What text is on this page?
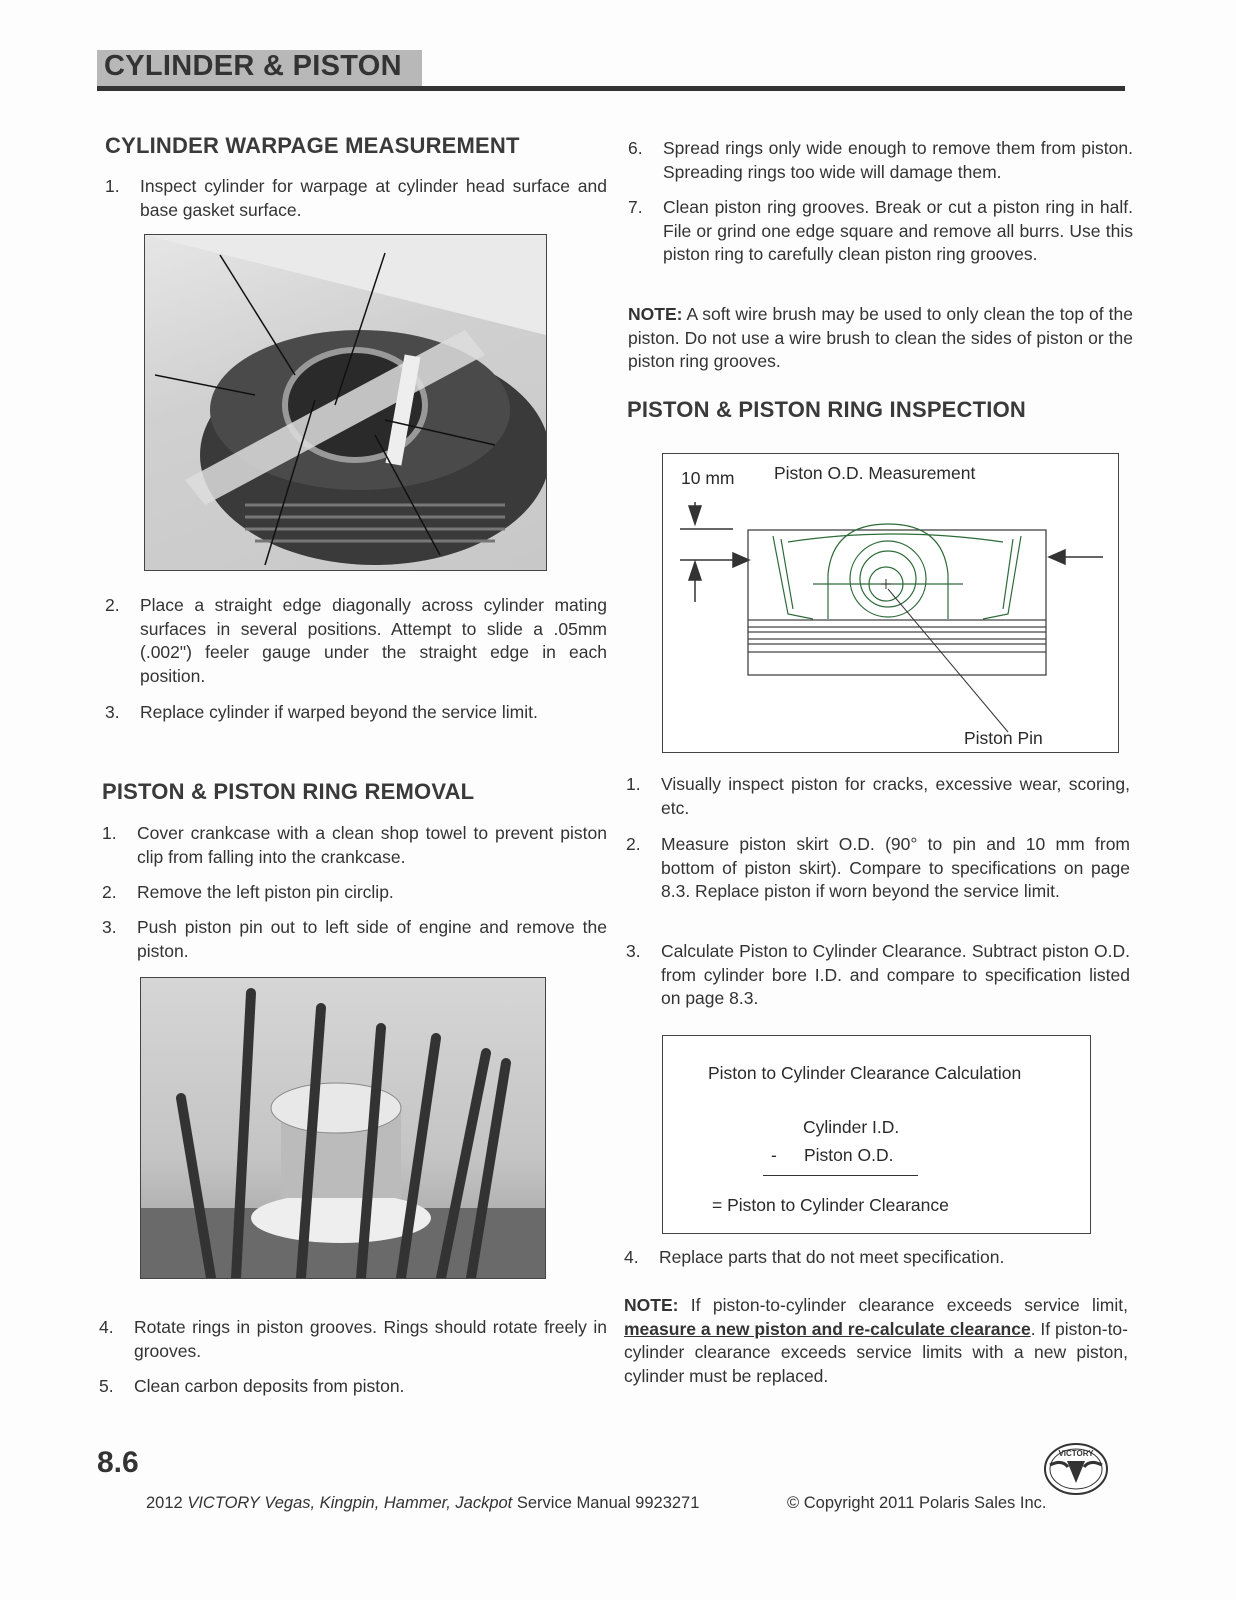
CYLINDER & PISTON
CYLINDER WARPAGE MEASUREMENT
1. Inspect cylinder for warpage at cylinder head surface and base gasket surface.
2. Place a straight edge diagonally across cylinder mating surfaces in several positions. Attempt to slide a .05mm (.002") feeler gauge under the straight edge in each position.
3. Replace cylinder if warped beyond the service limit.
PISTON & PISTON RING REMOVAL
1. Cover crankcase with a clean shop towel to prevent piston clip from falling into the crankcase.
2. Remove the left piston pin circlip.
3. Push piston pin out to left side of engine and remove the piston.
4. Rotate rings in piston grooves. Rings should rotate freely in grooves.
5. Clean carbon deposits from piston.
6. Spread rings only wide enough to remove them from piston. Spreading rings too wide will damage them.
7. Clean piston ring grooves. Break or cut a piston ring in half. File or grind one edge square and remove all burrs. Use this piston ring to carefully clean piston ring grooves.
NOTE: A soft wire brush may be used to only clean the top of the piston. Do not use a wire brush to clean the sides of piston or the piston ring grooves.
PISTON & PISTON RING INSPECTION
10 mm Piston O.D. Measurement
Piston Pin
1. Visually inspect piston for cracks, excessive wear, scoring, etc.
2. Measure piston skirt O.D. (90° to pin and 10 mm from bottom of piston skirt). Compare to specifications on page 8.3. Replace piston if worn beyond the service limit.
3. Calculate Piston to Cylinder Clearance. Subtract piston O.D. from cylinder bore I.D. and compare to specification listed on page 8.3.
Piston to Cylinder Clearance Calculation
Cylinder I.D.
- Piston O.D.
= Piston to Cylinder Clearance
4. Replace parts that do not meet specification.
NOTE: If piston-to-cylinder clearance exceeds service limit, measure a new piston and re-calculate clearance. If piston-to-cylinder clearance exceeds service limits with a new piston, cylinder must be replaced.
8.6
2012 VICTORY Vegas, Kingpin, Hammer, Jackpot Service Manual 9923271	© Copyright 2011 Polaris Sales Inc.
VICTORY
